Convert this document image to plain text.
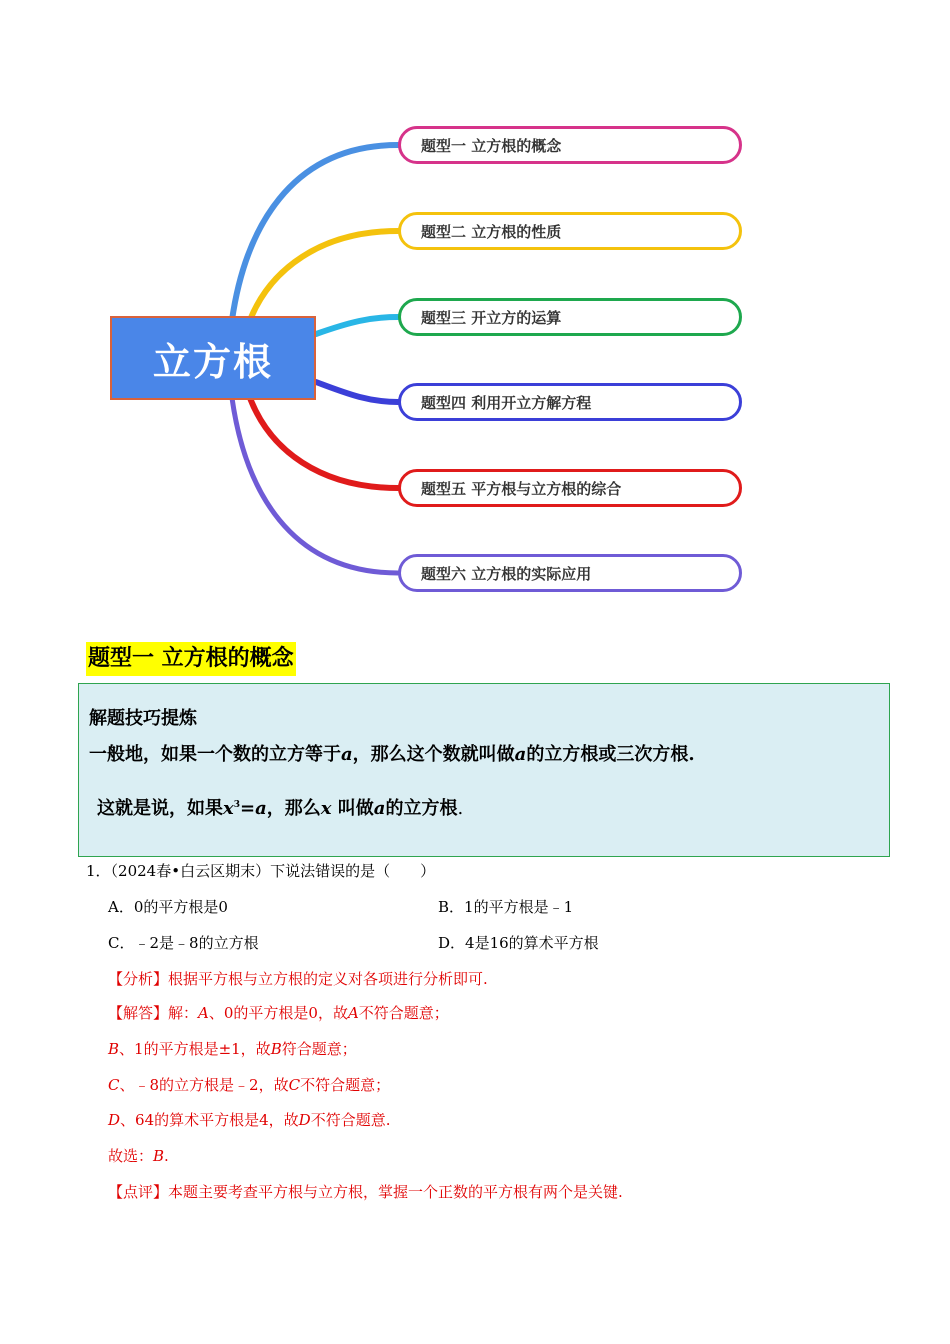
立方根
题型一 立方根的概念
题型二 立方根的性质
题型三 开立方的运算
题型四 利用开立方解方程
题型五 平方根与立方根的综合
题型六 立方根的实际应用
题型一 立方根的概念
解题技巧提炼
一般地，如果一个数的立方等于a，那么这个数就叫做a的立方根或三次方根.
这就是说，如果$x^3=a$，那么x 叫做a的立方根.
1．（2024春•白云区期末）下说法错误的是（　　）
A．0的平方根是0	B．1的平方根是﹣1
C．﹣2是﹣8的立方根	D．4是16的算术平方根
【分析】根据平方根与立方根的定义对各项进行分析即可.
【解答】解：A、0的平方根是0，故A不符合题意；
B、1的平方根是±1，故B符合题意；
C、﹣8的立方根是﹣2，故C不符合题意；
D、64的算术平方根是4，故D不符合题意.
故选：B.
【点评】本题主要考查平方根与立方根，掌握一个正数的平方根有两个是关键.
